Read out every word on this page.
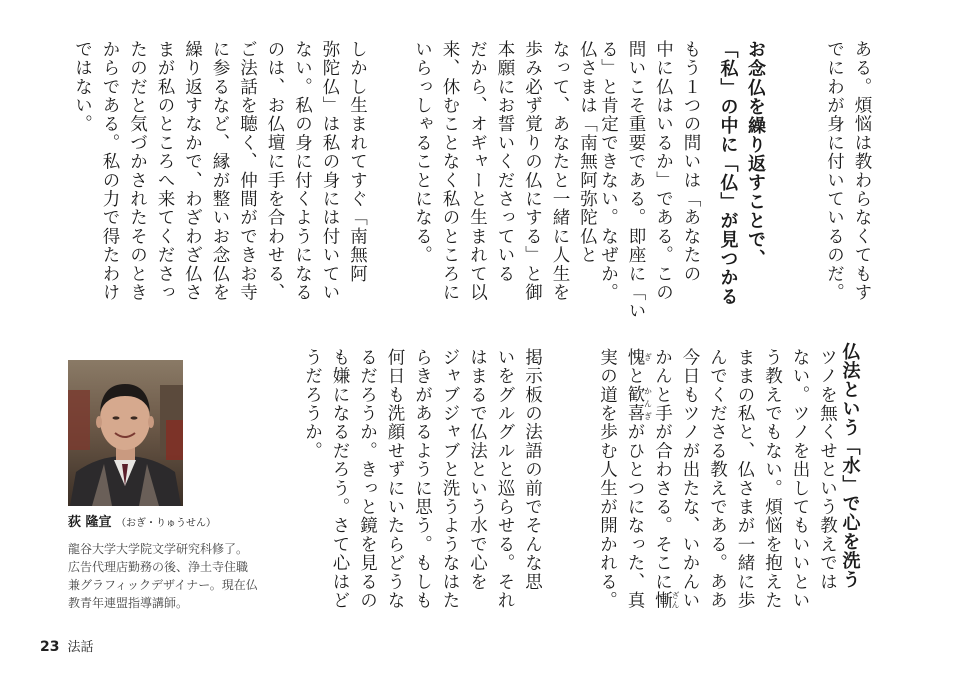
ある。煩悩は教わらなくてもす
でにわが身に付いているのだ。

お念仏を繰り返すことで、
「私」の中に「仏」が見つかる

もう１つの問いは「あなたの
中に仏はいるか」である。この
問いこそ重要である。即座に「い
る」と肯定できない。なぜか。

仏さまは「南無阿弥陀仏と
なって、あなたと一緒に人生を
歩み必ず覚りの仏にする」と御
本願にお誓いくださっている
だから、オギャーと生まれて以
来、休むことなく私のところに
いらっしゃることになる。

しかし生まれてすぐ「南無阿
弥陀仏」は私の身には付いてい
ない。私の身に付くようになる
のは、お仏壇に手を合わせる、
ご法話を聴く、仲間ができお寺
に参るなど、縁が整いお念仏を
繰り返すなかで、わざわざ仏さ
まが私のところへ来てくださっ
たのだと気づかされたそのとき
からである。私の力で得たわけ
ではない。

仏法という「水」で心を洗う

ツノを無くせという教えでは
ない。ツノを出してもいいとい
う教えでもない。煩悩を抱えた
ままの私と、仏さまが一緒に歩
んでくださる教えである。ああ
今日もツノが出たな、いかんい
かんと手が合わさる。そこに慚ざん
愧ぎと歓喜かんぎがひとつになった、真
実の道を歩む人生が開かれる。

掲示板の法語の前でそんな思
いをグルグルと巡らせる。それ
はまるで仏法という水で心を
ジャブジャブと洗うようなはた
らきがあるように思う。もしも
何日も洗顔せずにいたらどうな
るだろうか。きっと鏡を見るの
も嫌になるだろう。さて心はど
うだろうか。

荻 隆宣 （おぎ・りゅうせん）
龍谷大学大学院文学研究科修了。
広告代理店勤務の後、浄土寺住職
兼グラフィックデザイナー。現在仏
教青年連盟指導講師。
23 法話
